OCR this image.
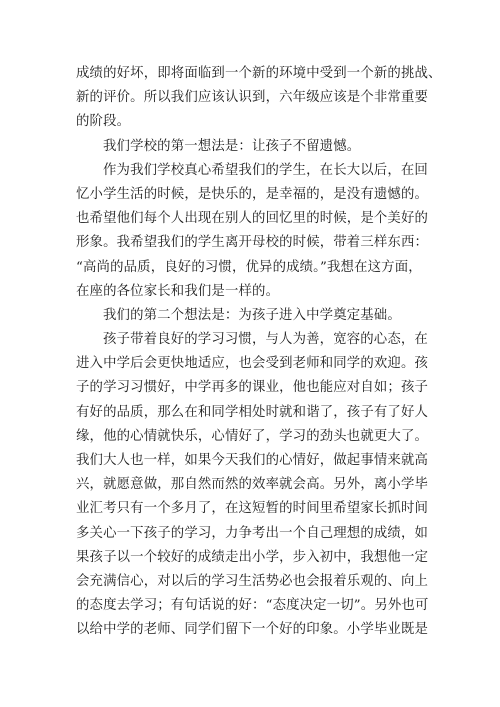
成绩的好坏，即将面临到一个新的环境中受到一个新的挑战、
新的评价。所以我们应该认识到，六年级应该是个非常重要
的阶段。
我们学校的第一想法是：让孩子不留遗憾。
作为我们学校真心希望我们的学生，在长大以后，在回
忆小学生活的时候，是快乐的，是幸福的，是没有遗憾的。
也希望他们每个人出现在别人的回忆里的时候，是个美好的
形象。我希望我们的学生离开母校的时候，带着三样东西：
“高尚的品质，良好的习惯，优异的成绩。”我想在这方面，
在座的各位家长和我们是一样的。
我们的第二个想法是：为孩子进入中学奠定基础。
孩子带着良好的学习习惯，与人为善，宽容的心态，在
进入中学后会更快地适应，也会受到老师和同学的欢迎。孩
子的学习习惯好，中学再多的课业，他也能应对自如；孩子
有好的品质，那么在和同学相处时就和谐了，孩子有了好人
缘，他的心情就快乐，心情好了，学习的劲头也就更大了。
我们大人也一样，如果今天我们的心情好，做起事情来就高
兴，就愿意做，那自然而然的效率就会高。另外，离小学毕
业汇考只有一个多月了，在这短暂的时间里希望家长抓时间
多关心一下孩子的学习，力争考出一个自己理想的成绩，如
果孩子以一个较好的成绩走出小学，步入初中，我想他一定
会充满信心，对以后的学习生活势必也会报着乐观的、向上
的态度去学习；有句话说的好：“态度决定一切”。另外也可
以给中学的老师、同学们留下一个好的印象。小学毕业既是
